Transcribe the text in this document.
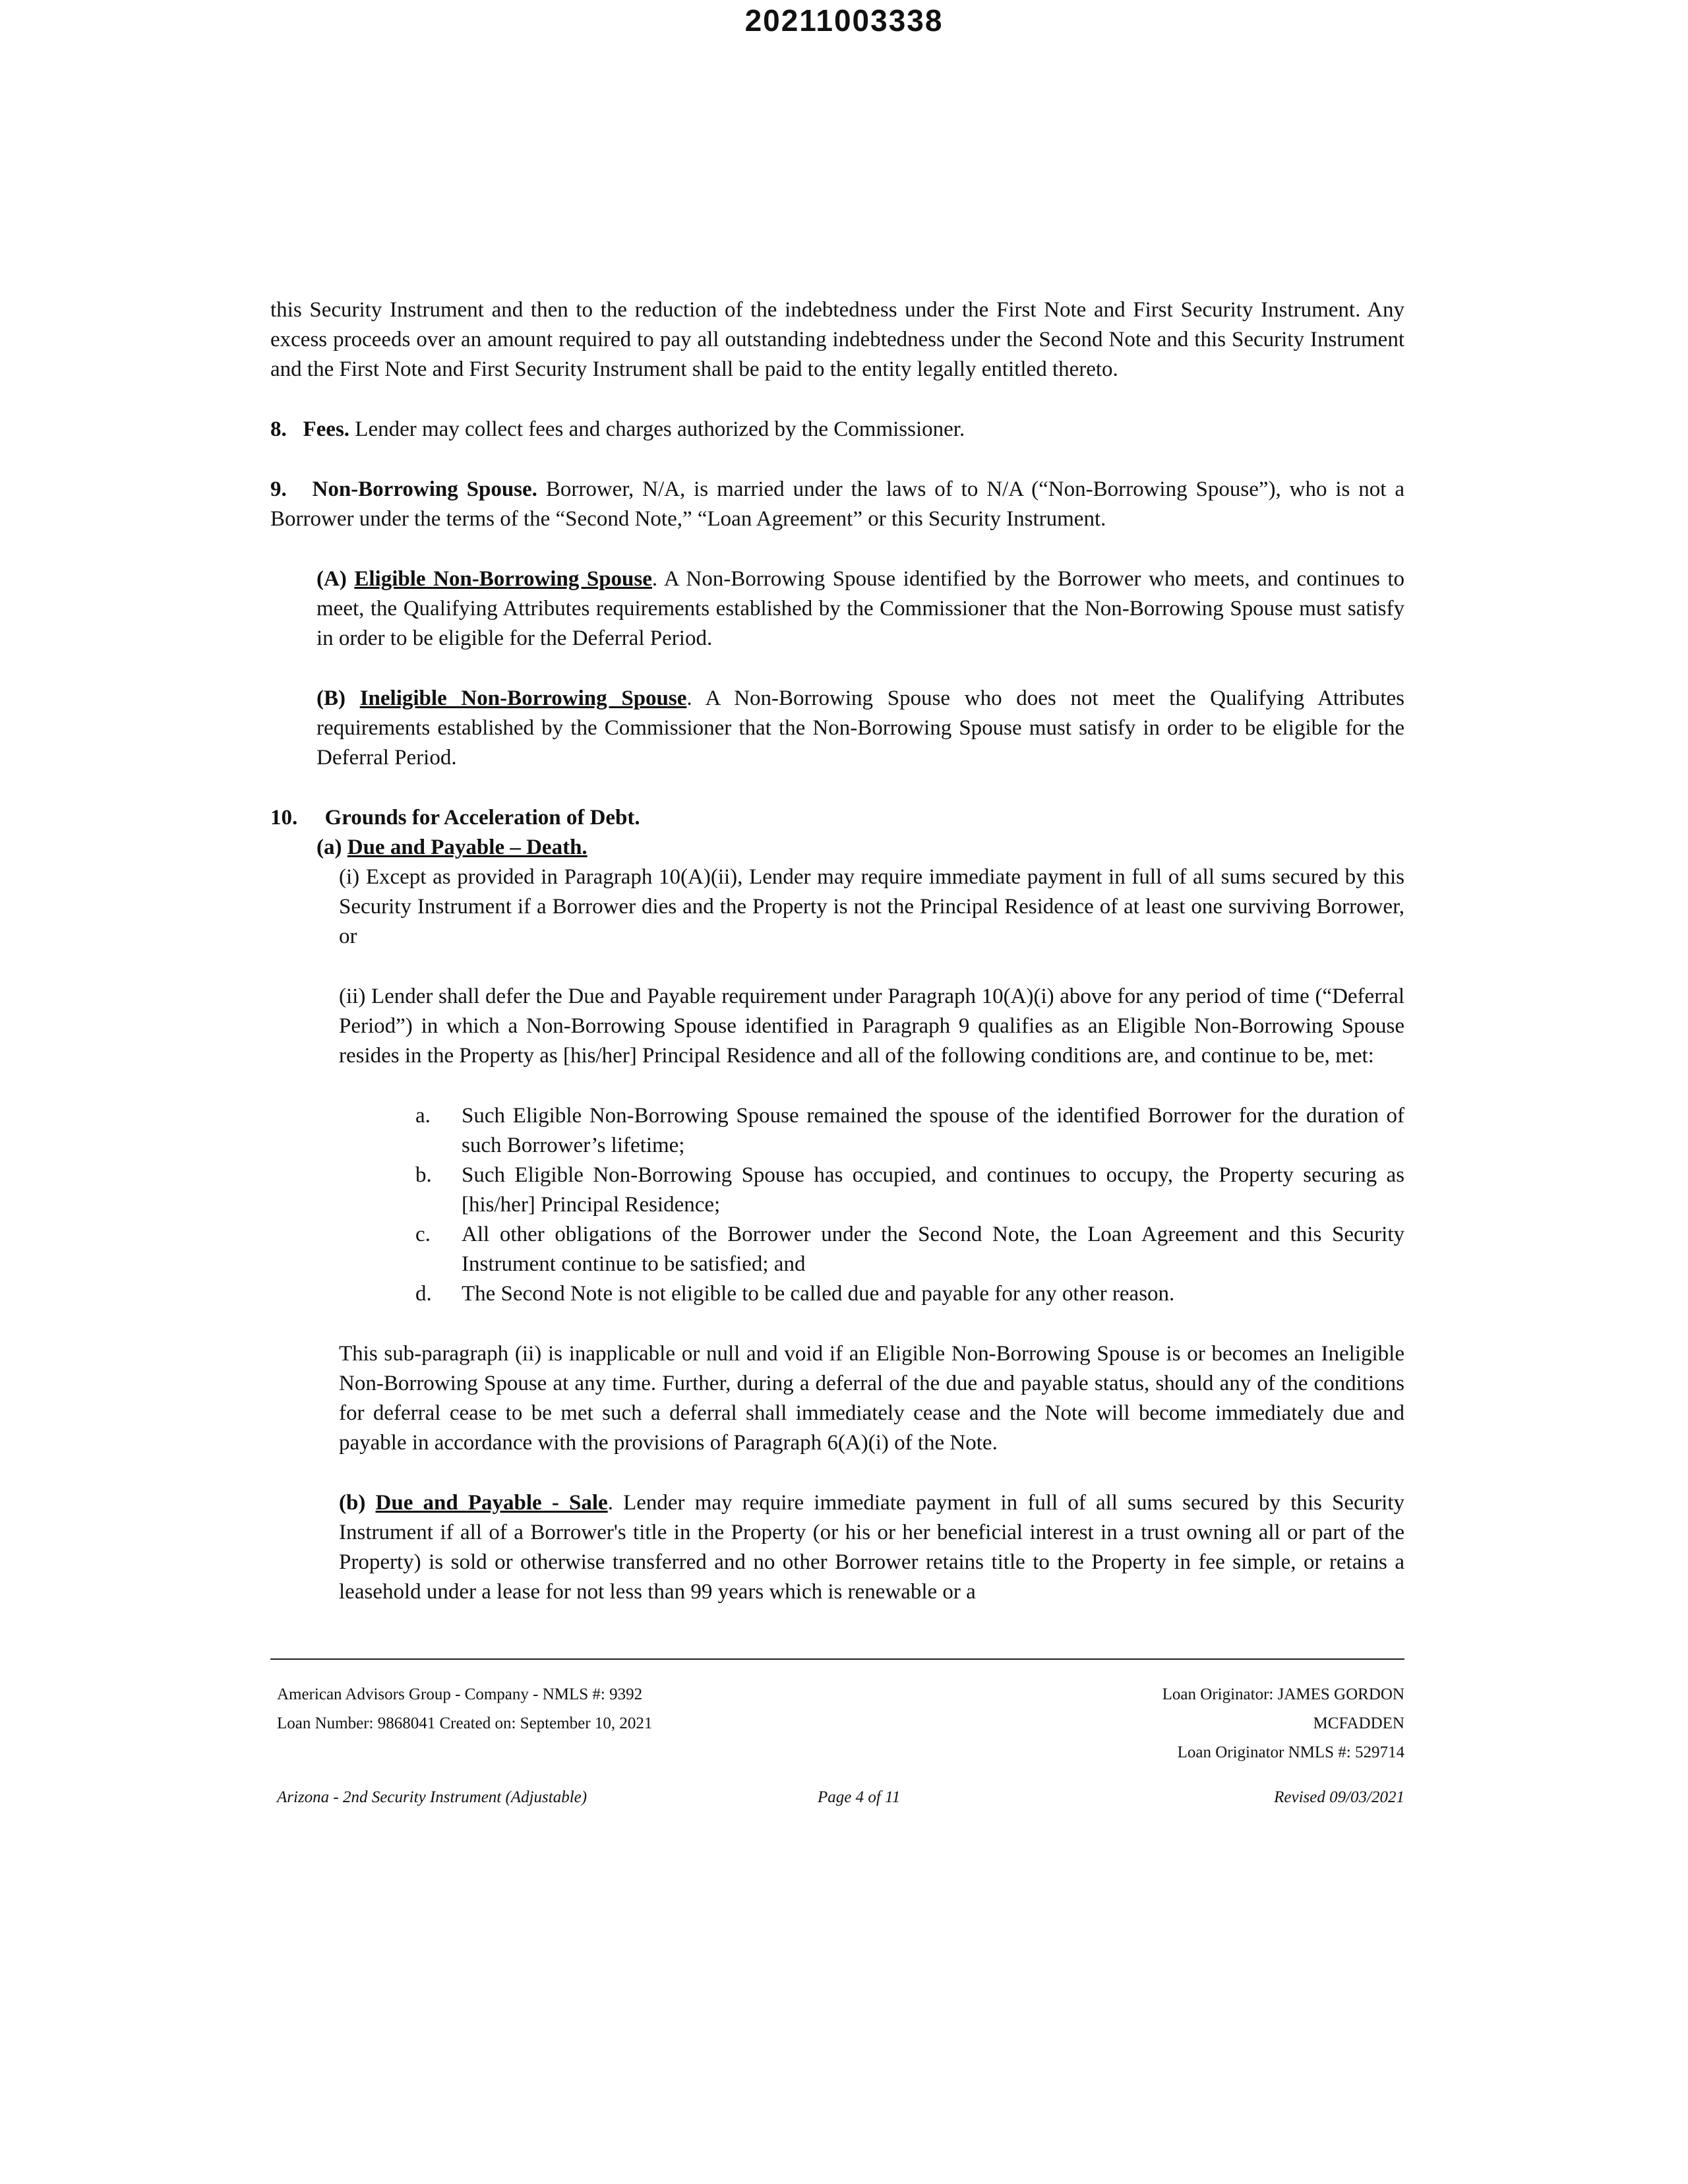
20211003338

this Security Instrument and then to the reduction of the indebtedness under the First Note and First Security Instrument. Any excess proceeds over an amount required to pay all outstanding indebtedness under the Second Note and this Security Instrument and the First Note and First Security Instrument shall be paid to the entity legally entitled thereto.

8. Fees. Lender may collect fees and charges authorized by the Commissioner.

9. Non-Borrowing Spouse. Borrower, N/A, is married under the laws of to N/A (“Non-Borrowing Spouse”), who is not a Borrower under the terms of the “Second Note,” “Loan Agreement” or this Security Instrument.

(A) Eligible Non-Borrowing Spouse. A Non-Borrowing Spouse identified by the Borrower who meets, and continues to meet, the Qualifying Attributes requirements established by the Commissioner that the Non-Borrowing Spouse must satisfy in order to be eligible for the Deferral Period.

(B) Ineligible Non-Borrowing Spouse. A Non-Borrowing Spouse who does not meet the Qualifying Attributes requirements established by the Commissioner that the Non-Borrowing Spouse must satisfy in order to be eligible for the Deferral Period.

10. Grounds for Acceleration of Debt.

(a) Due and Payable – Death.

(i) Except as provided in Paragraph 10(A)(ii), Lender may require immediate payment in full of all sums secured by this Security Instrument if a Borrower dies and the Property is not the Principal Residence of at least one surviving Borrower, or

(ii) Lender shall defer the Due and Payable requirement under Paragraph 10(A)(i) above for any period of time (“Deferral Period”) in which a Non-Borrowing Spouse identified in Paragraph 9 qualifies as an Eligible Non-Borrowing Spouse resides in the Property as [his/her] Principal Residence and all of the following conditions are, and continue to be, met:

a.	Such Eligible Non-Borrowing Spouse remained the spouse of the identified Borrower for the duration of such Borrower’s lifetime;
b.	Such Eligible Non-Borrowing Spouse has occupied, and continues to occupy, the Property securing as [his/her] Principal Residence;
c.	All other obligations of the Borrower under the Second Note, the Loan Agreement and this Security Instrument continue to be satisfied; and
d.	The Second Note is not eligible to be called due and payable for any other reason.

This sub-paragraph (ii) is inapplicable or null and void if an Eligible Non-Borrowing Spouse is or becomes an Ineligible Non-Borrowing Spouse at any time. Further, during a deferral of the due and payable status, should any of the conditions for deferral cease to be met such a deferral shall immediately cease and the Note will become immediately due and payable in accordance with the provisions of Paragraph 6(A)(i) of the Note.

(b) Due and Payable - Sale. Lender may require immediate payment in full of all sums secured by this Security Instrument if all of a Borrower's title in the Property (or his or her beneficial interest in a trust owning all or part of the Property) is sold or otherwise transferred and no other Borrower retains title to the Property in fee simple, or retains a leasehold under a lease for not less than 99 years which is renewable or a

American Advisors Group - Company - NMLS #: 9392
Loan Number: 9868041 Created on: September 10, 2021
Loan Originator: JAMES GORDON
MCFADDEN
Loan Originator NMLS #: 529714
Arizona - 2nd Security Instrument (Adjustable)	Page 4 of 11	Revised 09/03/2021
